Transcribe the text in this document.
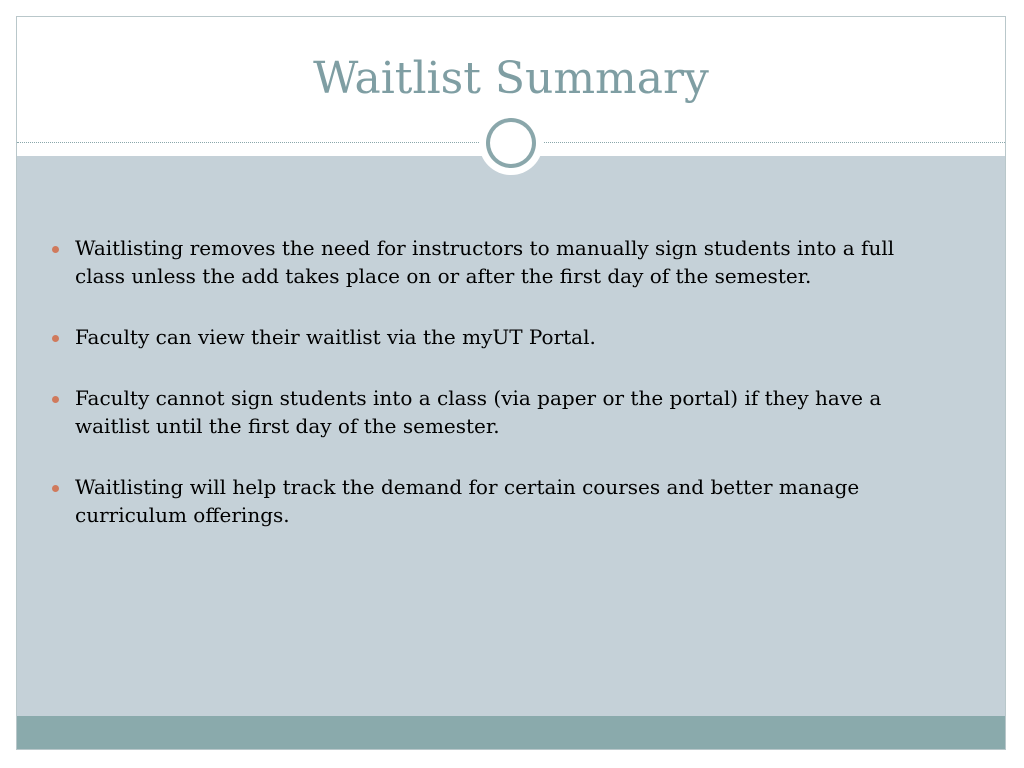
Waitlist Summary
Waitlisting removes the need for instructors to manually sign students into a full class unless the add takes place on or after the first day of the semester.
Faculty can view their waitlist via the myUT Portal.
Faculty cannot sign students into a class (via paper or the portal) if they have a waitlist until the first day of the semester.
Waitlisting will help track the demand for certain courses and better manage curriculum offerings.
